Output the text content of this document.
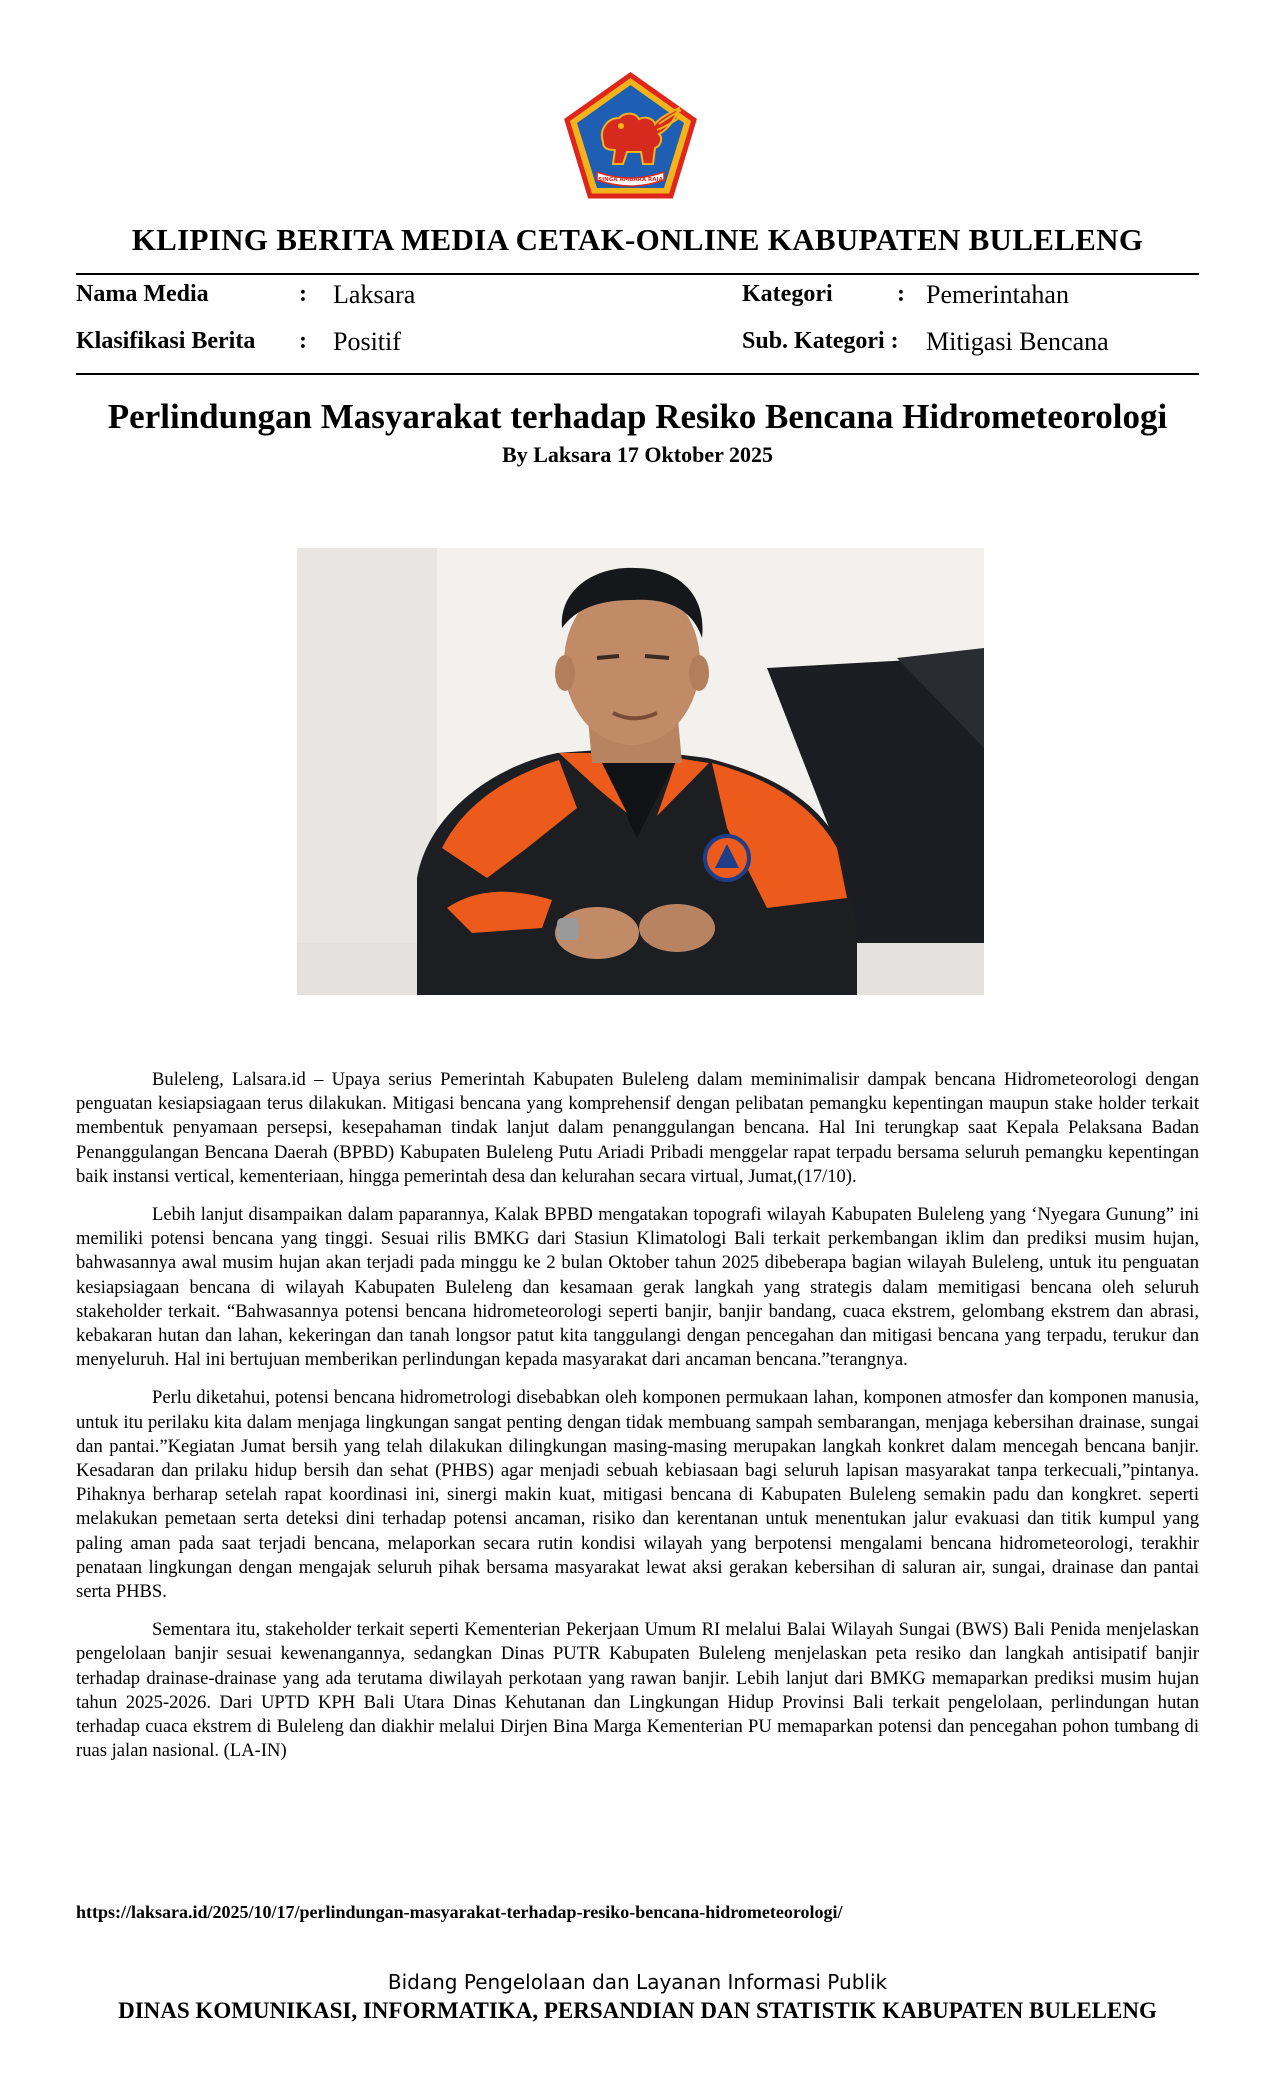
SINGA AMBARA RAJA
KLIPING BERITA MEDIA CETAK-ONLINE KABUPATEN BULELENG
Nama Media	: Laksara
Klasifikasi Berita : Positif
Kategori	: Pemerintahan
Sub. Kategori : Mitigasi Bencana
Perlindungan Masyarakat terhadap Resiko Bencana Hidrometeorologi
By Laksara 17 Oktober 2025

Buleleng, Lalsara.id – Upaya serius Pemerintah Kabupaten Buleleng dalam meminimalisir dampak bencana Hidrometeorologi dengan penguatan kesiapsiagaan terus dilakukan. Mitigasi bencana yang komprehensif dengan pelibatan pemangku kepentingan maupun stake holder terkait membentuk penyamaan persepsi, kesepahaman tindak lanjut dalam penanggulangan bencana. Hal Ini terungkap saat Kepala Pelaksana Badan Penanggulangan Bencana Daerah (BPBD) Kabupaten Buleleng Putu Ariadi Pribadi menggelar rapat terpadu bersama seluruh pemangku kepentingan baik instansi vertical, kementeriaan, hingga pemerintah desa dan kelurahan secara virtual, Jumat,(17/10).

Lebih lanjut disampaikan dalam paparannya, Kalak BPBD mengatakan topografi wilayah Kabupaten Buleleng yang ‘Nyegara Gunung” ini memiliki potensi bencana yang tinggi. Sesuai rilis BMKG dari Stasiun Klimatologi Bali terkait perkembangan iklim dan prediksi musim hujan, bahwasannya awal musim hujan akan terjadi pada minggu ke 2 bulan Oktober tahun 2025 dibeberapa bagian wilayah Buleleng, untuk itu penguatan kesiapsiagaan bencana di wilayah Kabupaten Buleleng dan kesamaan gerak langkah yang strategis dalam memitigasi bencana oleh seluruh stakeholder terkait. “Bahwasannya potensi bencana hidrometeorologi seperti banjir, banjir bandang, cuaca ekstrem, gelombang ekstrem dan abrasi, kebakaran hutan dan lahan, kekeringan dan tanah longsor patut kita tanggulangi dengan pencegahan dan mitigasi bencana yang terpadu, terukur dan menyeluruh. Hal ini bertujuan memberikan perlindungan kepada masyarakat dari ancaman bencana.”terangnya.

Perlu diketahui, potensi bencana hidrometrologi disebabkan oleh komponen permukaan lahan, komponen atmosfer dan komponen manusia, untuk itu perilaku kita dalam menjaga lingkungan sangat penting dengan tidak membuang sampah sembarangan, menjaga kebersihan drainase, sungai dan pantai.”Kegiatan Jumat bersih yang telah dilakukan dilingkungan masing-masing merupakan langkah konkret dalam mencegah bencana banjir. Kesadaran dan prilaku hidup bersih dan sehat (PHBS) agar menjadi sebuah kebiasaan bagi seluruh lapisan masyarakat tanpa terkecuali,”pintanya. Pihaknya berharap setelah rapat koordinasi ini, sinergi makin kuat, mitigasi bencana di Kabupaten Buleleng semakin padu dan kongkret. seperti melakukan pemetaan serta deteksi dini terhadap potensi ancaman, risiko dan kerentanan untuk menentukan jalur evakuasi dan titik kumpul yang paling aman pada saat terjadi bencana, melaporkan secara rutin kondisi wilayah yang berpotensi mengalami bencana hidrometeorologi, terakhir penataan lingkungan dengan mengajak seluruh pihak bersama masyarakat lewat aksi gerakan kebersihan di saluran air, sungai, drainase dan pantai serta PHBS.

Sementara itu, stakeholder terkait seperti Kementerian Pekerjaan Umum RI melalui Balai Wilayah Sungai (BWS) Bali Penida menjelaskan pengelolaan banjir sesuai kewenangannya, sedangkan Dinas PUTR Kabupaten Buleleng menjelaskan peta resiko dan langkah antisipatif banjir terhadap drainase-drainase yang ada terutama diwilayah perkotaan yang rawan banjir. Lebih lanjut dari BMKG memaparkan prediksi musim hujan tahun 2025-2026. Dari UPTD KPH Bali Utara Dinas Kehutanan dan Lingkungan Hidup Provinsi Bali terkait pengelolaan, perlindungan hutan terhadap cuaca ekstrem di Buleleng dan diakhir melalui Dirjen Bina Marga Kementerian PU memaparkan potensi dan pencegahan pohon tumbang di ruas jalan nasional. (LA-IN)

https://laksara.id/2025/10/17/perlindungan-masyarakat-terhadap-resiko-bencana-hidrometeorologi/
Bidang Pengelolaan dan Layanan Informasi Publik
DINAS KOMUNIKASI, INFORMATIKA, PERSANDIAN DAN STATISTIK KABUPATEN BULELENG
